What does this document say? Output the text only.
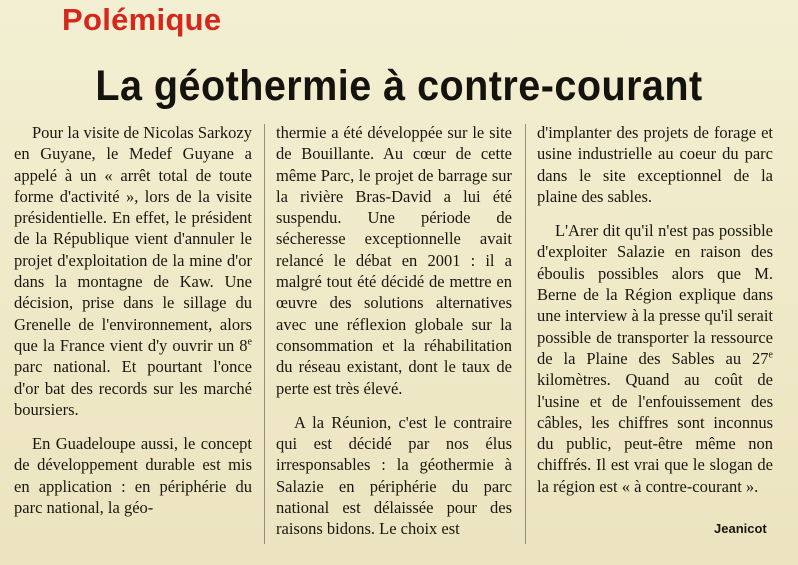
Polémique
La géothermie à contre-courant

Pour la visite de Nicolas Sarkozy en Guyane, le Medef Guyane a appelé à un « arrêt total de toute forme d'activité », lors de la visite présidentielle. En effet, le président de la République vient d'annuler le projet d'exploitation de la mine d'or dans la montagne de Kaw. Une décision, prise dans le sillage du Grenelle de l'environnement, alors que la France vient d'y ouvrir un 8e parc national. Et pourtant l'once d'or bat des records sur les marché boursiers.

En Guadeloupe aussi, le concept de développement durable est mis en application : en périphérie du parc national, la géo-

thermie a été développée sur le site de Bouillante. Au cœur de cette même Parc, le projet de barrage sur la rivière Bras-David a lui été suspendu. Une période de sécheresse exceptionnelle avait relancé le débat en 2001 : il a malgré tout été décidé de mettre en œuvre des solutions alternatives avec une réflexion globale sur la consommation et la réhabilitation du réseau existant, dont le taux de perte est très élevé.

A la Réunion, c'est le contraire qui est décidé par nos élus irresponsables : la géothermie à Salazie en périphérie du parc national est délaissée pour des raisons bidons. Le choix est

d'implanter des projets de forage et usine industrielle au coeur du parc dans le site exceptionnel de la plaine des sables.

L'Arer dit qu'il n'est pas possible d'exploiter Salazie en raison des éboulis possibles alors que M. Berne de la Région explique dans une interview à la presse qu'il serait possible de transporter la ressource de la Plaine des Sables au 27e kilomètres. Quand au coût de l'usine et de l'enfouissement des câbles, les chiffres sont inconnus du public, peut-être même non chiffrés. Il est vrai que le slogan de la région est « à contre-courant ».

Jeanicot
